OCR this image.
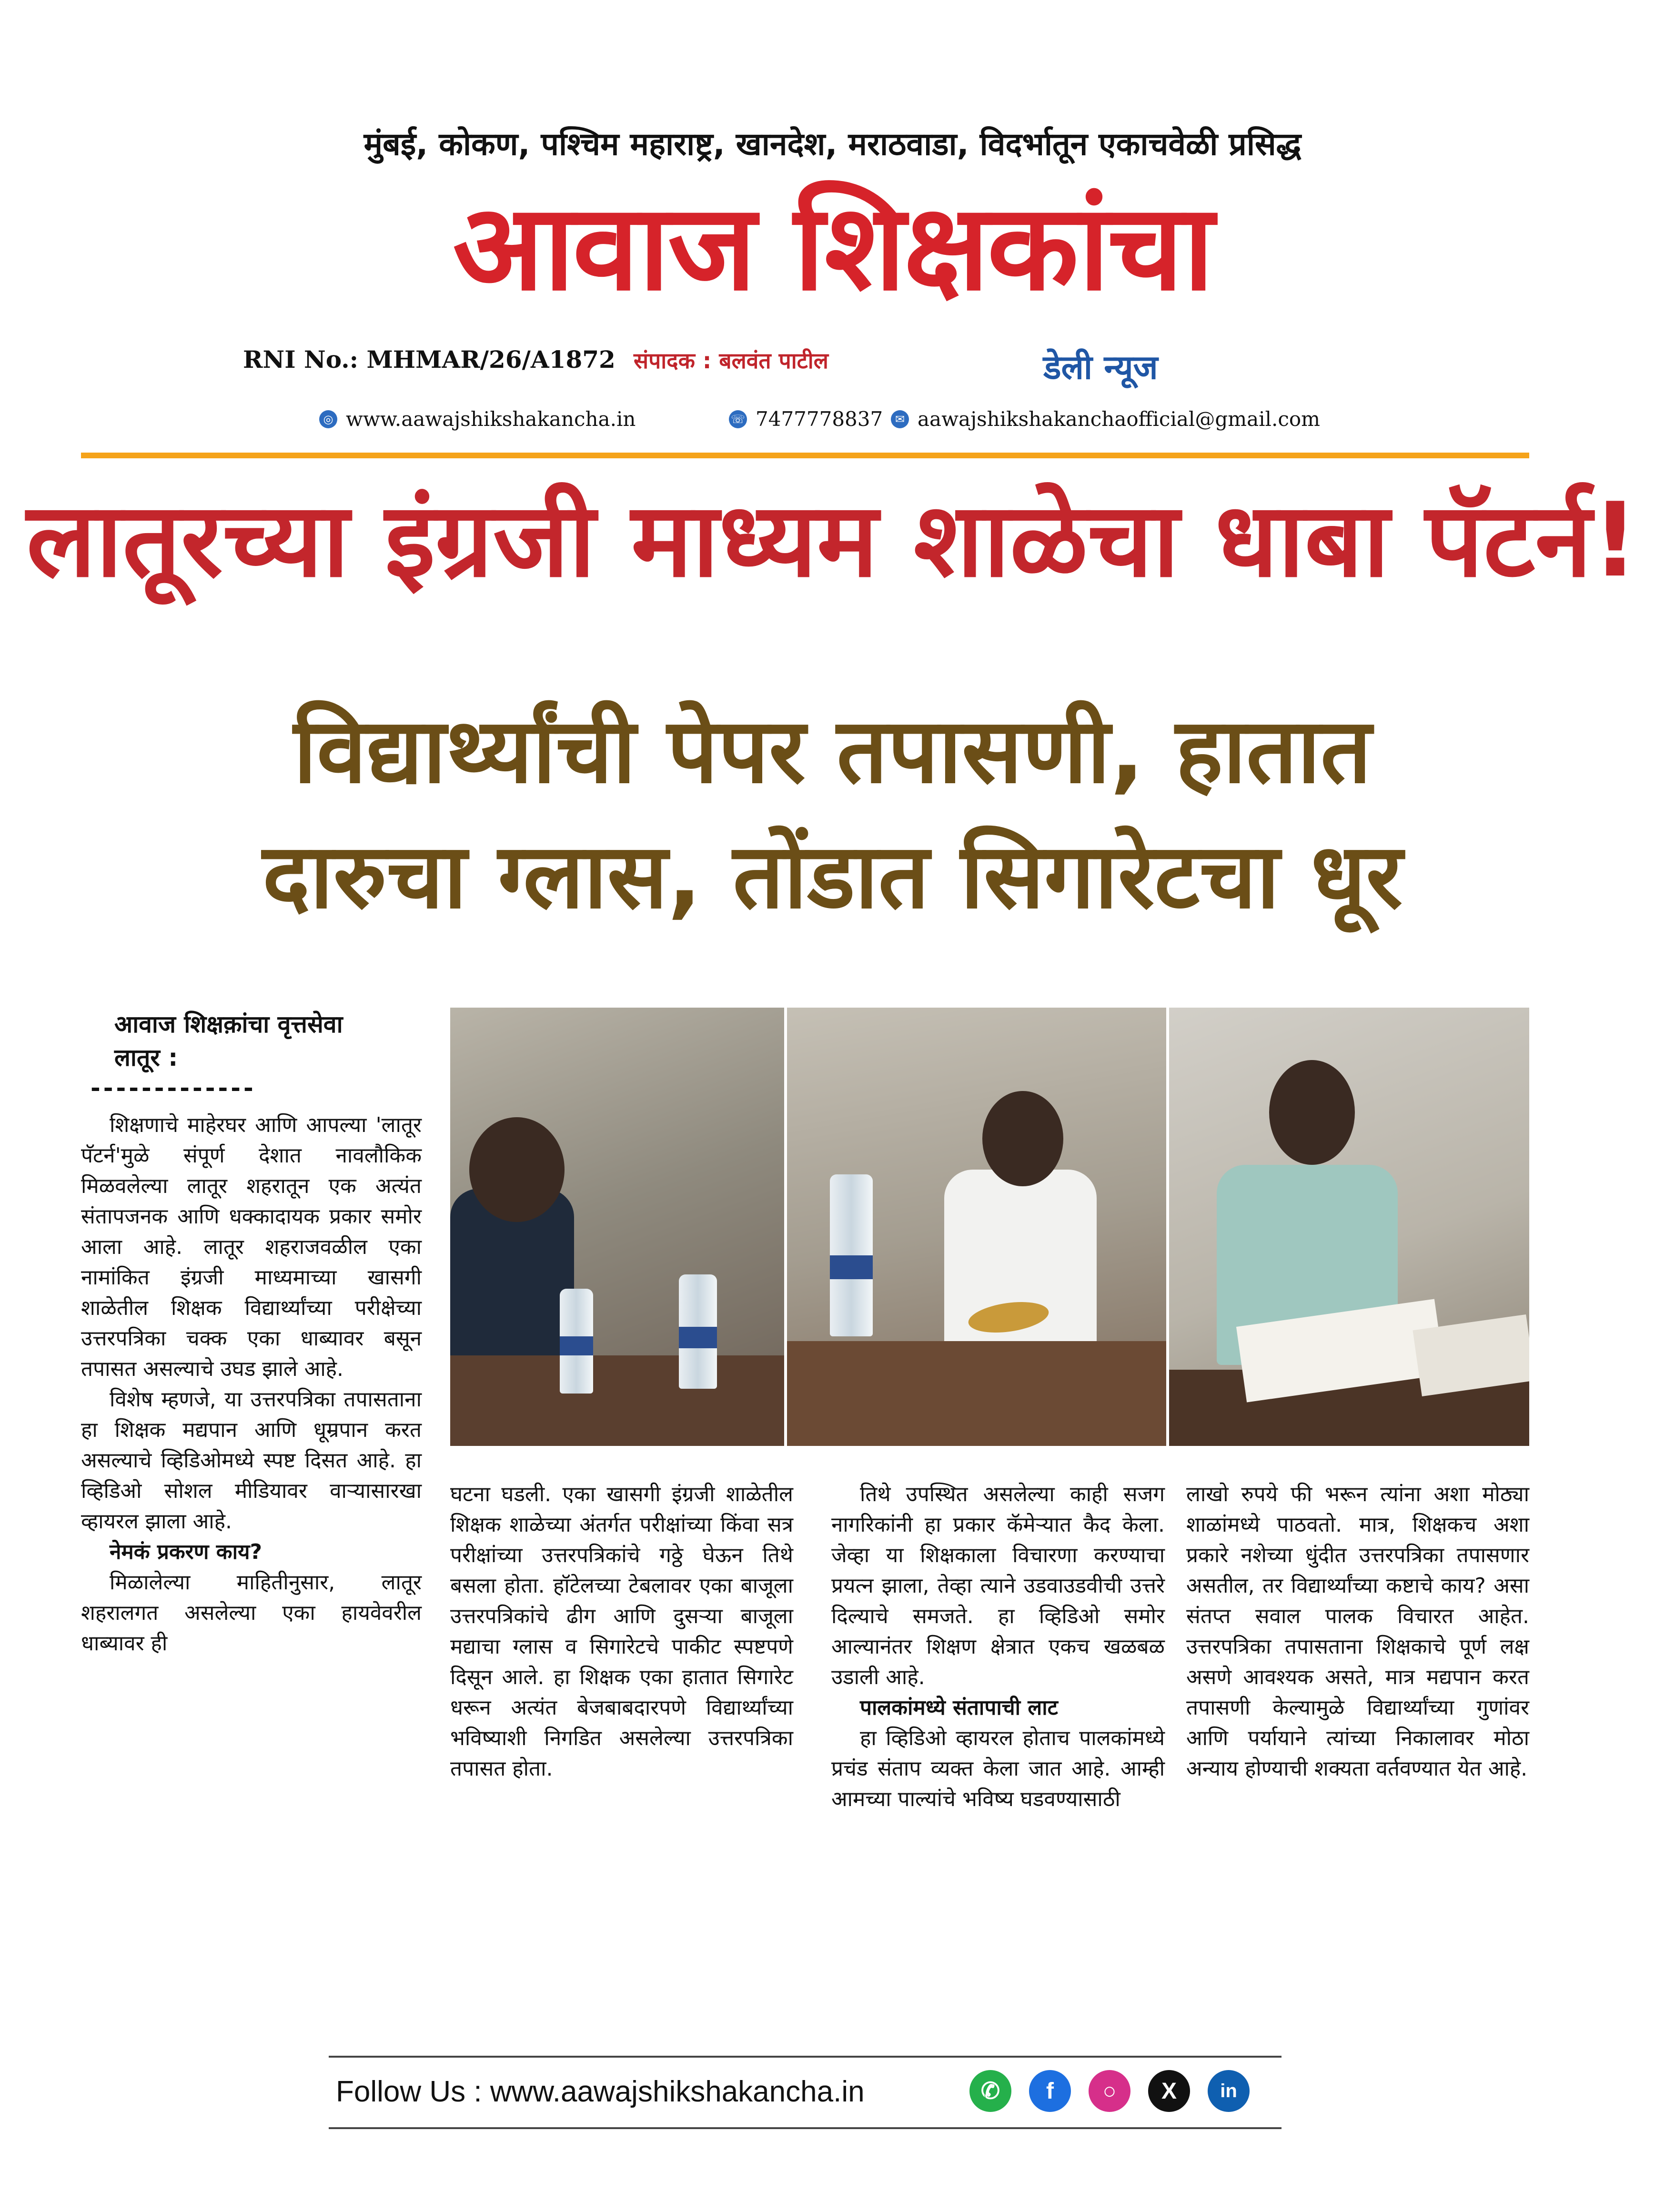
मुंबई, कोकण, पश्चिम महाराष्ट्र, खानदेश, मराठवाडा, विदर्भातून एकाचवेळी प्रसिद्ध
आवाज शिक्षकांचा
RNI No.: MHMAR/26/A1872 संपादक : बलवंत पाटील	डेली न्यूज
◎ www.aawajshikshakancha.in	☏ 7477778837	✉ aawajshikshakanchaofficial@gmail.com
लातूरच्या इंग्रजी माध्यम शाळेचा धाबा पॅटर्न!
विद्यार्थ्यांची पेपर तपासणी, हातात
दारुचा ग्लास, तोंडात सिगारेटचा धूर
आवाज शिक्षक़ांचा वृत्तसेवा
लातूर :
-------------

शिक्षणाचे माहेरघर आणि आपल्या 'लातूर पॅटर्न'मुळे संपूर्ण देशात नावलौकिक मिळवलेल्या लातूर शहरातून एक अत्यंत संतापजनक आणि धक्कादायक प्रकार समोर आला आहे. लातूर शहराजवळील एका नामांकित इंग्रजी माध्यमाच्या खासगी शाळेतील शिक्षक विद्यार्थ्यांच्या परीक्षेच्या उत्तरपत्रिका चक्क एका धाब्यावर बसून तपासत असल्याचे उघड झाले आहे.

विशेष म्हणजे, या उत्तरपत्रिका तपासताना हा शिक्षक मद्यपान आणि धूम्रपान करत असल्याचे व्हिडिओमध्ये स्पष्ट दिसत आहे. हा व्हिडिओ सोशल मीडियावर वाऱ्यासारखा व्हायरल झाला आहे.

नेमकं प्रकरण काय?

मिळालेल्या माहितीनुसार, लातूर शहरालगत असलेल्या एका हायवेवरील धाब्यावर ही

घटना घडली. एका खासगी इंग्रजी शाळेतील शिक्षक शाळेच्या अंतर्गत परीक्षांच्या किंवा सत्र परीक्षांच्या उत्तरपत्रिकांचे गठ्ठे घेऊन तिथे बसला होता. हॉटेलच्या टेबलावर एका बाजूला उत्तरपत्रिकांचे ढीग आणि दुसऱ्या बाजूला मद्याचा ग्लास व सिगारेटचे पाकीट स्पष्टपणे दिसून आले. हा शिक्षक एका हातात सिगारेट धरून अत्यंत बेजबाबदारपणे विद्यार्थ्यांच्या भविष्याशी निगडित असलेल्या उत्तरपत्रिका तपासत होता.

तिथे उपस्थित असलेल्या काही सजग नागरिकांनी हा प्रकार कॅमेऱ्यात कैद केला. जेव्हा या शिक्षकाला विचारणा करण्याचा प्रयत्न झाला, तेव्हा त्याने उडवाउडवीची उत्तरे दिल्याचे समजते. हा व्हिडिओ समोर आल्यानंतर शिक्षण क्षेत्रात एकच खळबळ उडाली आहे.

पालकांमध्ये संतापाची लाट

हा व्हिडिओ व्हायरल होताच पालकांमध्ये प्रचंड संताप व्यक्त केला जात आहे. आम्ही आमच्या पाल्यांचे भविष्य घडवण्यासाठी

लाखो रुपये फी भरून त्यांना अशा मोठ्या शाळांमध्ये पाठवतो. मात्र, शिक्षकच अशा प्रकारे नशेच्या धुंदीत उत्तरपत्रिका तपासणार असतील, तर विद्यार्थ्यांच्या कष्टाचे काय? असा संतप्त सवाल पालक विचारत आहेत. उत्तरपत्रिका तपासताना शिक्षकाचे पूर्ण लक्ष असणे आवश्यक असते, मात्र मद्यपान करत तपासणी केल्यामुळे विद्यार्थ्यांच्या गुणांवर आणि पर्यायाने त्यांच्या निकालावर मोठा अन्याय होण्याची शक्यता वर्तवण्यात येत आहे.

Follow Us : www.aawajshikshakancha.in	✆	f	○	X	in
